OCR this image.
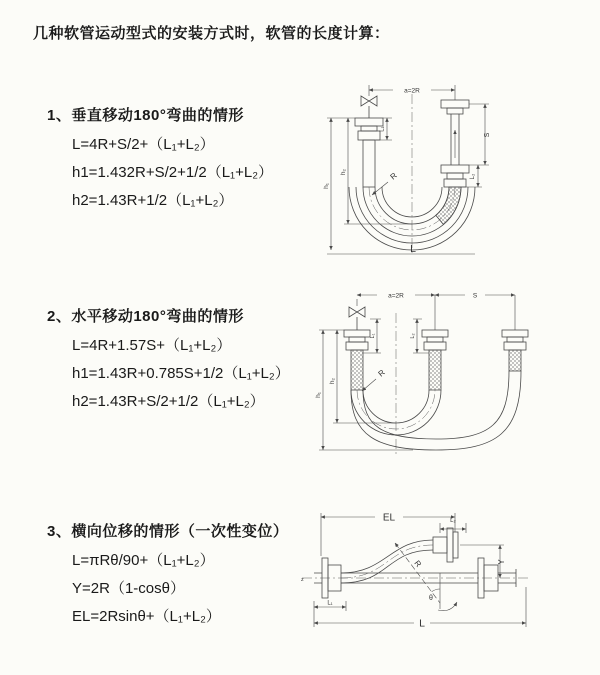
几种软管运动型式的安装方式时，软管的长度计算：
1、垂直移动180°弯曲的情形
L=4R+S/2+（L₁+L₂）
h1=1.432R+S/2+1/2（L₁+L₂）
h2=1.43R+1/2（L₁+L₂）
2、水平移动180°弯曲的情形
L=4R+1.57S+（L₁+L₂）
h1=1.43R+0.785S+1/2（L₁+L₂）
h2=1.43R+S/2+1/2（L₁+L₂）
3、横向位移的情形（一次性变位）
L=πRθ/90+（L₁+L₂）
Y=2R（1-cosθ）
EL=2Rsinθ+（L₁+L₂）
a=2R
L₁
h₁
h₂
S
L₂
R
L
a=2R	S
h₁
h₂
L₁	L₂
R
z
EL	L₂
Y
θ
R
L
L₁
